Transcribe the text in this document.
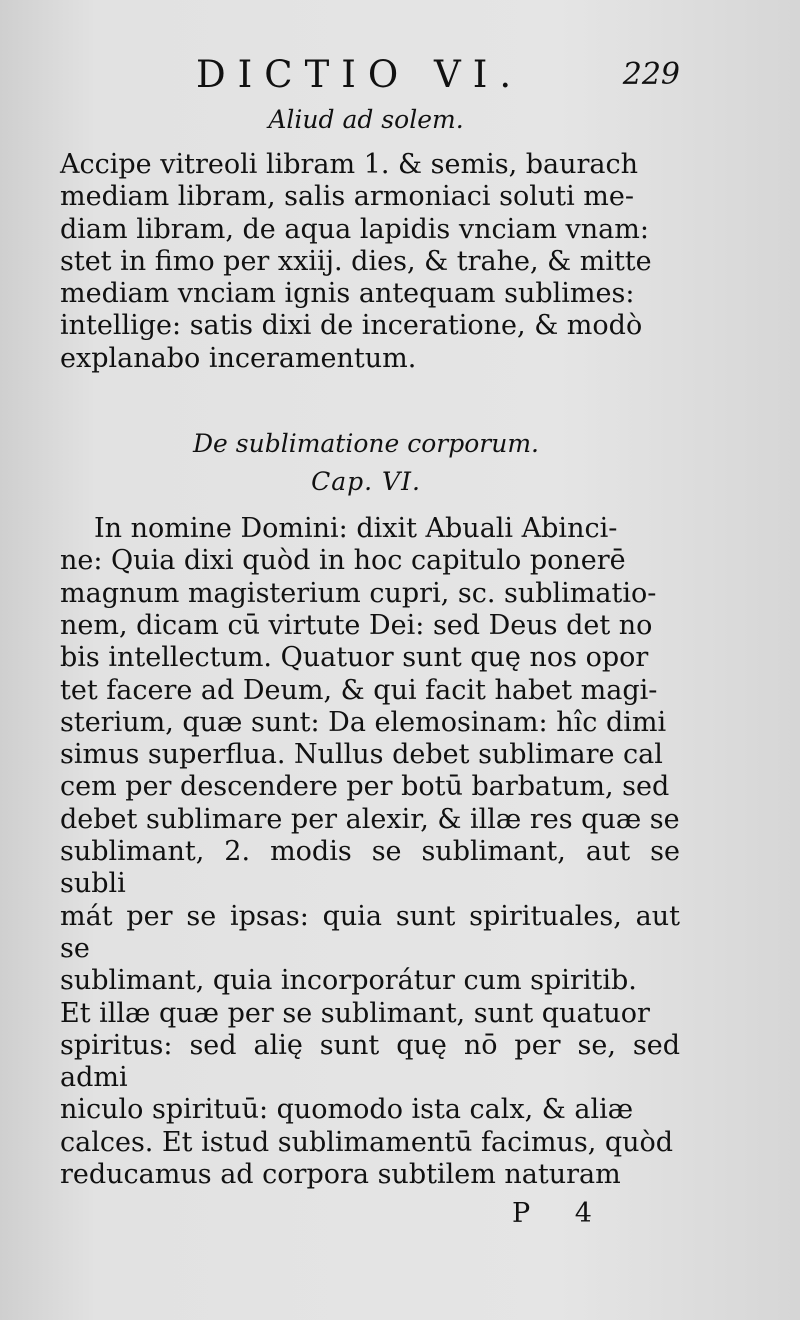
DICTIO VI.	229
Aliud ad solem.

Accipe vitreoli libram 1. & semis, baurach
mediam libram, salis armoniaci soluti me-
diam libram, de aqua lapidis vnciam vnam:
stet in fimo per xxiij. dies, & trahe, & mitte
mediam vnciam ignis antequam sublimes:
intellige: satis dixi de inceratione, & modò
explanabo inceramentum.

De sublimatione corporum.
Cap. VI.

In nomine Domini: dixit Abuali Abinci-
ne: Quia dixi quòd in hoc capitulo ponerē
magnum magisterium cupri, sc. sublimatio-
nem, dicam cū virtute Dei: sed Deus det no
bis intellectum. Quatuor sunt quę nos opor
tet facere ad Deum, & qui facit habet magi-
sterium, quæ sunt: Da elemosinam: hîc dimi
simus superflua. Nullus debet sublimare cal
cem per descendere per botū barbatum, sed
debet sublimare per alexir, & illæ res quæ se
sublimant, 2. modis se sublimant, aut se subli
mát per se ipsas: quia sunt spirituales, aut se
sublimant, quia incorporátur cum spiritib.
Et illæ quæ per se sublimant, sunt quatuor
spiritus: sed alię sunt quę nō per se, sed admi
niculo spirituū: quomodo ista calx, & aliæ
calces. Et istud sublimamentū facimus, quòd
reducamus ad corpora subtilem naturam

P 4
